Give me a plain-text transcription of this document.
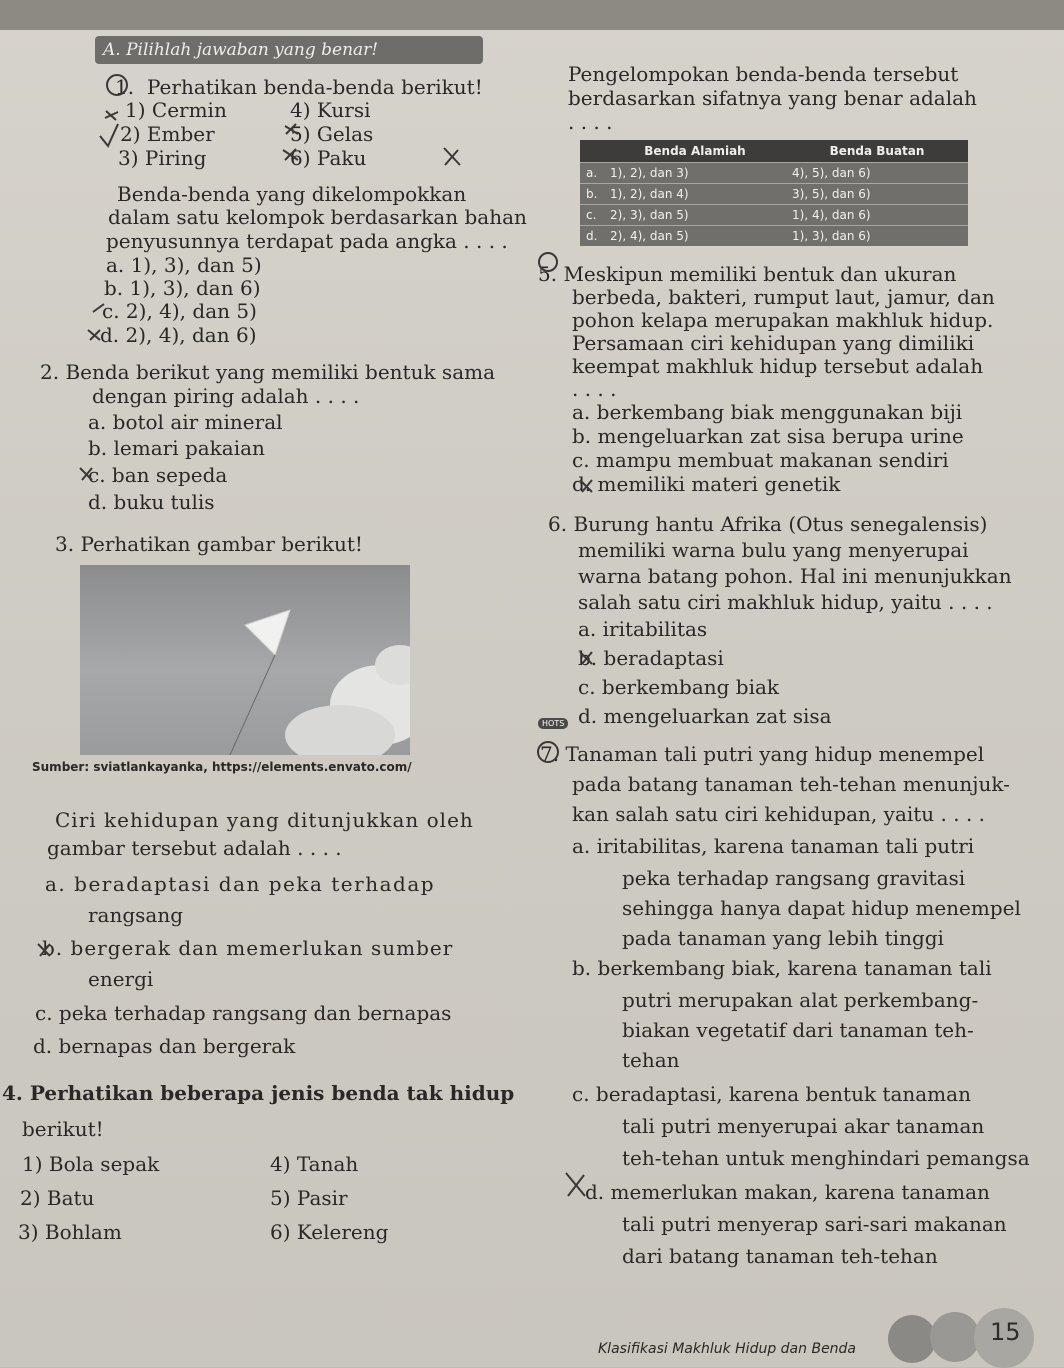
A. Pilihlah jawaban yang benar!
1. Perhatikan benda-benda berikut!
1) Cermin
2) Ember
3) Piring
4) Kursi
5) Gelas
6) Paku
Benda-benda yang dikelompokkan
dalam satu kelompok berdasarkan bahan
penyusunnya terdapat pada angka . . . .
a. 1), 3), dan 5)
b. 1), 3), dan 6)
c. 2), 4), dan 5)
d. 2), 4), dan 6)
2. Benda berikut yang memiliki bentuk sama
dengan piring adalah . . . .
a. botol air mineral
b. lemari pakaian
c. ban sepeda
d. buku tulis
3. Perhatikan gambar berikut!
Sumber: sviatlankayanka, https://elements.envato.com/
Ciri kehidupan yang ditunjukkan oleh
gambar tersebut adalah . . . .
a. beradaptasi dan peka terhadap
rangsang
b. bergerak dan memerlukan sumber
energi
c. peka terhadap rangsang dan bernapas
d. bernapas dan bergerak
4. Perhatikan beberapa jenis benda tak hidup
berikut!
1) Bola sepak	4) Tanah
2) Batu	5) Pasir
3) Bohlam	6) Kelereng
Pengelompokan benda-benda tersebut
berdasarkan sifatnya yang benar adalah
. . . .
	Benda Alamiah	Benda Buatan
a.	1), 2), dan 3)	4), 5), dan 6)
b.	1), 2), dan 4)	3), 5), dan 6)
c.	2), 3), dan 5)	1), 4), dan 6)
d.	2), 4), dan 5)	1), 3), dan 6)
5. Meskipun memiliki bentuk dan ukuran
berbeda, bakteri, rumput laut, jamur, dan
pohon kelapa merupakan makhluk hidup.
Persamaan ciri kehidupan yang dimiliki
keempat makhluk hidup tersebut adalah
. . . .
a. berkembang biak menggunakan biji
b. mengeluarkan zat sisa berupa urine
c. mampu membuat makanan sendiri
d. memiliki materi genetik
6. Burung hantu Afrika (Otus senegalensis)
memiliki warna bulu yang menyerupai
warna batang pohon. Hal ini menunjukkan
salah satu ciri makhluk hidup, yaitu . . . .
a. iritabilitas
b. beradaptasi
c. berkembang biak
d. mengeluarkan zat sisa
HOTS
7. Tanaman tali putri yang hidup menempel
pada batang tanaman teh-tehan menunjuk-
kan salah satu ciri kehidupan, yaitu . . . .
a. iritabilitas, karena tanaman tali putri
peka terhadap rangsang gravitasi
sehingga hanya dapat hidup menempel
pada tanaman yang lebih tinggi
b. berkembang biak, karena tanaman tali
putri merupakan alat perkembang-
biakan vegetatif dari tanaman teh-
tehan
c. beradaptasi, karena bentuk tanaman
tali putri menyerupai akar tanaman
teh-tehan untuk menghindari pemangsa
d. memerlukan makan, karena tanaman
tali putri menyerap sari-sari makanan
dari batang tanaman teh-tehan
Klasifikasi Makhluk Hidup dan Benda
15
